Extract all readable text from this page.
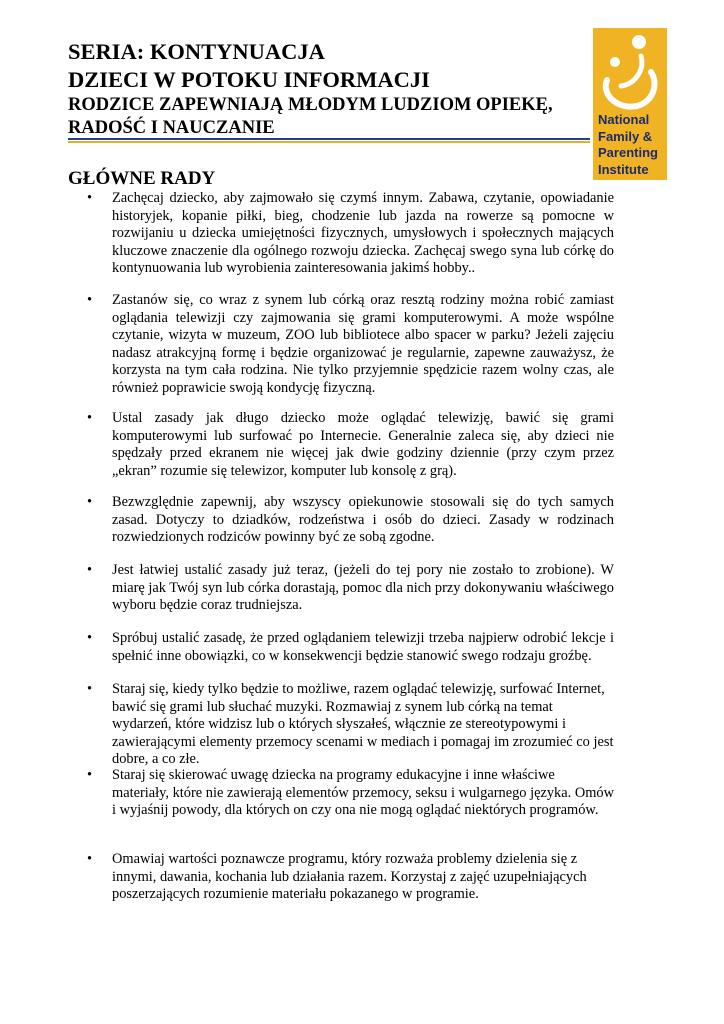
SERIA: KONTYNUACJA
DZIECI W POTOKU INFORMACJI
RODZICE ZAPEWNIAJĄ MŁODYM LUDZIOM OPIEKĘ,
RADOŚĆ I NAUCZANIE	National
Family &
Parenting
Institute
GŁÓWNE RADY
•	Zachęcaj dziecko, aby zajmowało się czymś innym. Zabawa, czytanie, opowiadanie historyjek, kopanie piłki, bieg, chodzenie lub jazda na rowerze są pomocne w rozwijaniu u dziecka umiejętności fizycznych, umysłowych i społecznych mających kluczowe znaczenie dla ogólnego rozwoju dziecka. Zachęcaj swego syna lub córkę do kontynuowania lub wyrobienia zainteresowania jakimś hobby..
•	Zastanów się, co wraz z synem lub córką oraz resztą rodziny można robić zamiast oglądania telewizji czy zajmowania się grami komputerowymi. A może wspólne czytanie, wizyta w muzeum, ZOO lub bibliotece albo spacer w parku? Jeżeli zajęciu nadasz atrakcyjną formę i będzie organizować je regularnie, zapewne zauważysz, że korzysta na tym cała rodzina. Nie tylko przyjemnie spędzicie razem wolny czas, ale również poprawicie swoją kondycję fizyczną.
•	Ustal zasady jak długo dziecko może oglądać telewizję, bawić się grami komputerowymi lub surfować po Internecie. Generalnie zaleca się, aby dzieci nie spędzały przed ekranem nie więcej jak dwie godziny dziennie (przy czym przez „ekran” rozumie się telewizor, komputer lub konsolę z grą).
•	Bezwzględnie zapewnij, aby wszyscy opiekunowie stosowali się do tych samych zasad. Dotyczy to dziadków, rodzeństwa i osób do dzieci. Zasady w rodzinach rozwiedzionych rodziców powinny być ze sobą zgodne.
•	Jest łatwiej ustalić zasady już teraz, (jeżeli do tej pory nie zostało to zrobione). W miarę jak Twój syn lub córka dorastają, pomoc dla nich przy dokonywaniu właściwego wyboru będzie coraz trudniejsza.
•	Spróbuj ustalić zasadę, że przed oglądaniem telewizji trzeba najpierw odrobić lekcje i spełnić inne obowiązki, co w konsekwencji będzie stanowić swego rodzaju groźbę.
•	Staraj się, kiedy tylko będzie to możliwe, razem oglądać telewizję, surfować Internet, bawić się grami lub słuchać muzyki. Rozmawiaj z synem lub córką na temat wydarzeń, które widzisz lub o których słyszałeś, włącznie ze stereotypowymi i zawierającymi elementy przemocy scenami w mediach i pomagaj im zrozumieć co jest dobre, a co złe.
•	Staraj się skierować uwagę dziecka na programy edukacyjne i inne właściwe materiały, które nie zawierają elementów przemocy, seksu i wulgarnego języka. Omów i wyjaśnij powody, dla których on czy ona nie mogą oglądać niektórych programów.
•	Omawiaj wartości poznawcze programu, który rozważa problemy dzielenia się z innymi, dawania, kochania lub działania razem. Korzystaj z zajęć uzupełniających poszerzających rozumienie materiału pokazanego w programie.
